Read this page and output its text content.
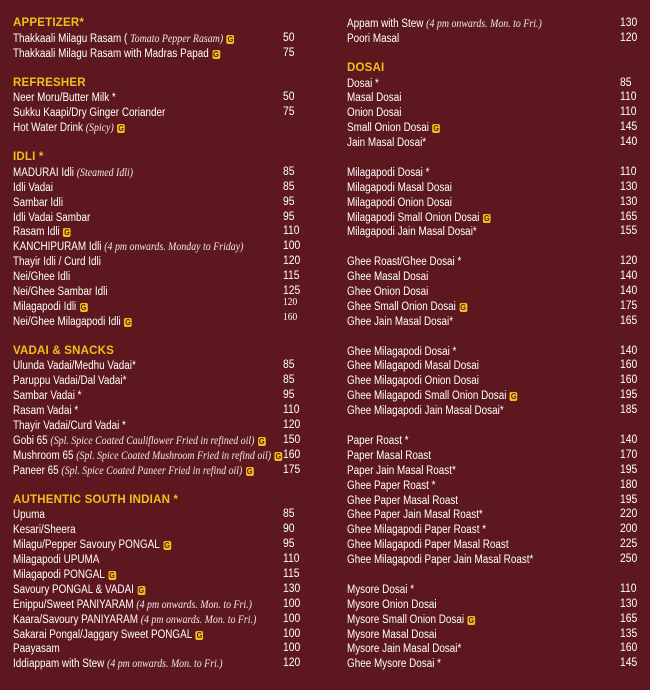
APPETIZER*
Thakkaali Milagu Rasam ( Tomato Pepper Rasam) G	50
Thakkaali Milagu Rasam with Madras Papad G	75
REFRESHER
Neer Moru/Butter Milk *	50
Sukku Kaapi/Dry Ginger Coriander	75
Hot Water Drink (Spicy) G
IDLI *
MADURAI Idli (Steamed Idli)	85
Idli Vadai	85
Sambar Idli	95
Idli Vadai Sambar	95
Rasam Idli G	110
KANCHIPURAM Idli (4 pm onwards. Monday to Friday)	100
Thayir Idli / Curd Idli	120
Nei/Ghee Idli	115
Nei/Ghee Sambar Idli	125
Milagapodi Idli G	120
Nei/Ghee Milagapodi Idli G	160
VADAI & SNACKS
Ulunda Vadai/Medhu Vadai*	85
Paruppu Vadai/Dal Vadai*	85
Sambar Vadai *	95
Rasam Vadai *	110
Thayir Vadai/Curd Vadai *	120
Gobi 65 (Spl. Spice Coated Cauliflower Fried in refined oil) G 150
Mushroom 65 (Spl. Spice Coated Mushroom Fried in refind oil) G 160
Paneer 65 (Spl. Spice Coated Paneer Fried in refind oil) G	175
AUTHENTIC SOUTH INDIAN *
Upuma	85
Kesari/Sheera	90
Milagu/Pepper Savoury PONGAL G	95
Milagapodi UPUMA	110
Milagapodi PONGAL G	115
Savoury PONGAL & VADAI G	130
Enippu/Sweet PANIYARAM (4 pm onwards. Mon. to Fri.)	100
Kaara/Savoury PANIYARAM (4 pm onwards. Mon. to Fri.) 100
Sakarai Pongal/Jaggary Sweet PONGAL G	100
Paayasam	100
Iddiappam with Stew (4 pm onwards. Mon. to Fri.)	120
Appam with Stew (4 pm onwards. Mon. to Fri.)	130
Poori Masal	120
DOSAI
Dosai *	85
Masal Dosai	110
Onion Dosai	110
Small Onion Dosai G	145
Jain Masal Dosai*	140
Milagapodi Dosai *	110
Milagapodi Masal Dosai	130
Milagapodi Onion Dosai	130
Milagapodi Small Onion Dosai G	165
Milagapodi Jain Masal Dosai*	155
Ghee Roast/Ghee Dosai *	120
Ghee Masal Dosai	140
Ghee Onion Dosai	140
Ghee Small Onion Dosai G	175
Ghee Jain Masal Dosai*	165
Ghee Milagapodi Dosai *	140
Ghee Milagapodi Masal Dosai	160
Ghee Milagapodi Onion Dosai	160
Ghee Milagapodi Small Onion Dosai G	195
Ghee Milagapodi Jain Masal Dosai*	185
Paper Roast *	140
Paper Masal Roast	170
Paper Jain Masal Roast*	195
Ghee Paper Roast *	180
Ghee Paper Masal Roast	195
Ghee Paper Jain Masal Roast*	220
Ghee Milagapodi Paper Roast *	200
Ghee Milagapodi Paper Masal Roast	225
Ghee Milagapodi Paper Jain Masal Roast*	250
Mysore Dosai *	110
Mysore Onion Dosai	130
Mysore Small Onion Dosai G	165
Mysore Masal Dosai	135
Mysore Jain Masal Dosai*	160
Ghee Mysore Dosai *	145
